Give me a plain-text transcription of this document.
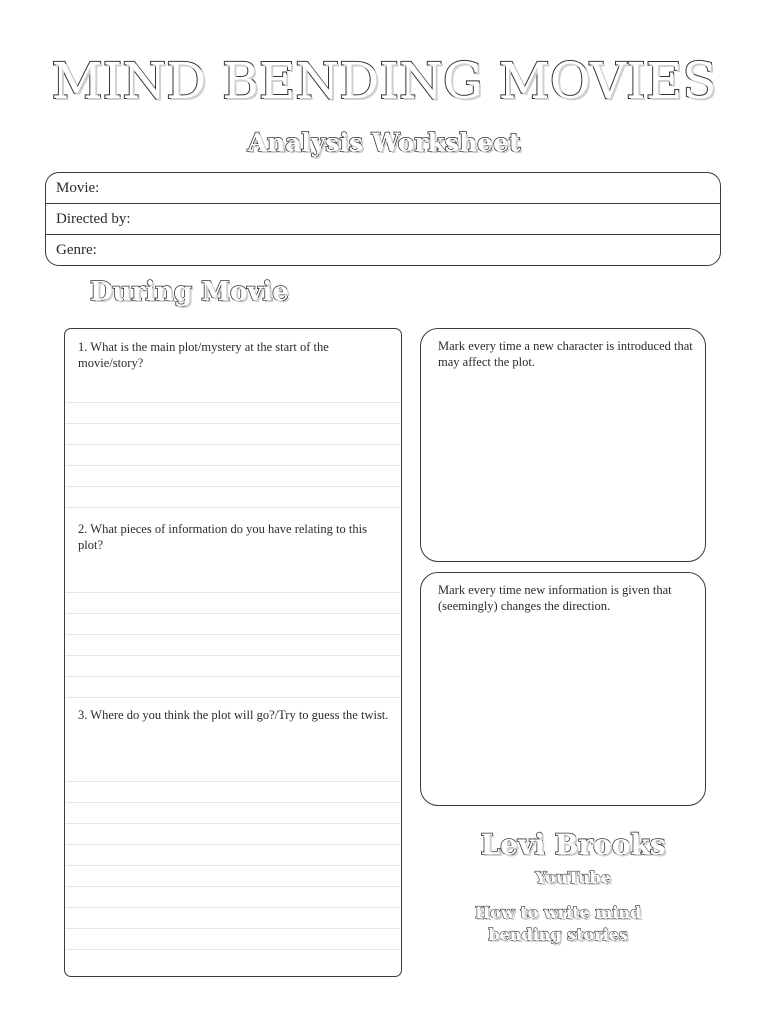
MIND BENDING MOVIES
Analysis Worksheet
Movie:
Directed by:
Genre:
During Movie
1. What is the main plot/mystery at the start of the movie/story?
2. What pieces of information do you have relating to this plot?
3. Where do you think the plot will go?/Try to guess the twist.
Mark every time a new character is introduced that may affect the plot.
Mark every time new information is given that (seemingly) changes the direction.
Levi Brooks
YouTube
How to write mind bending stories
